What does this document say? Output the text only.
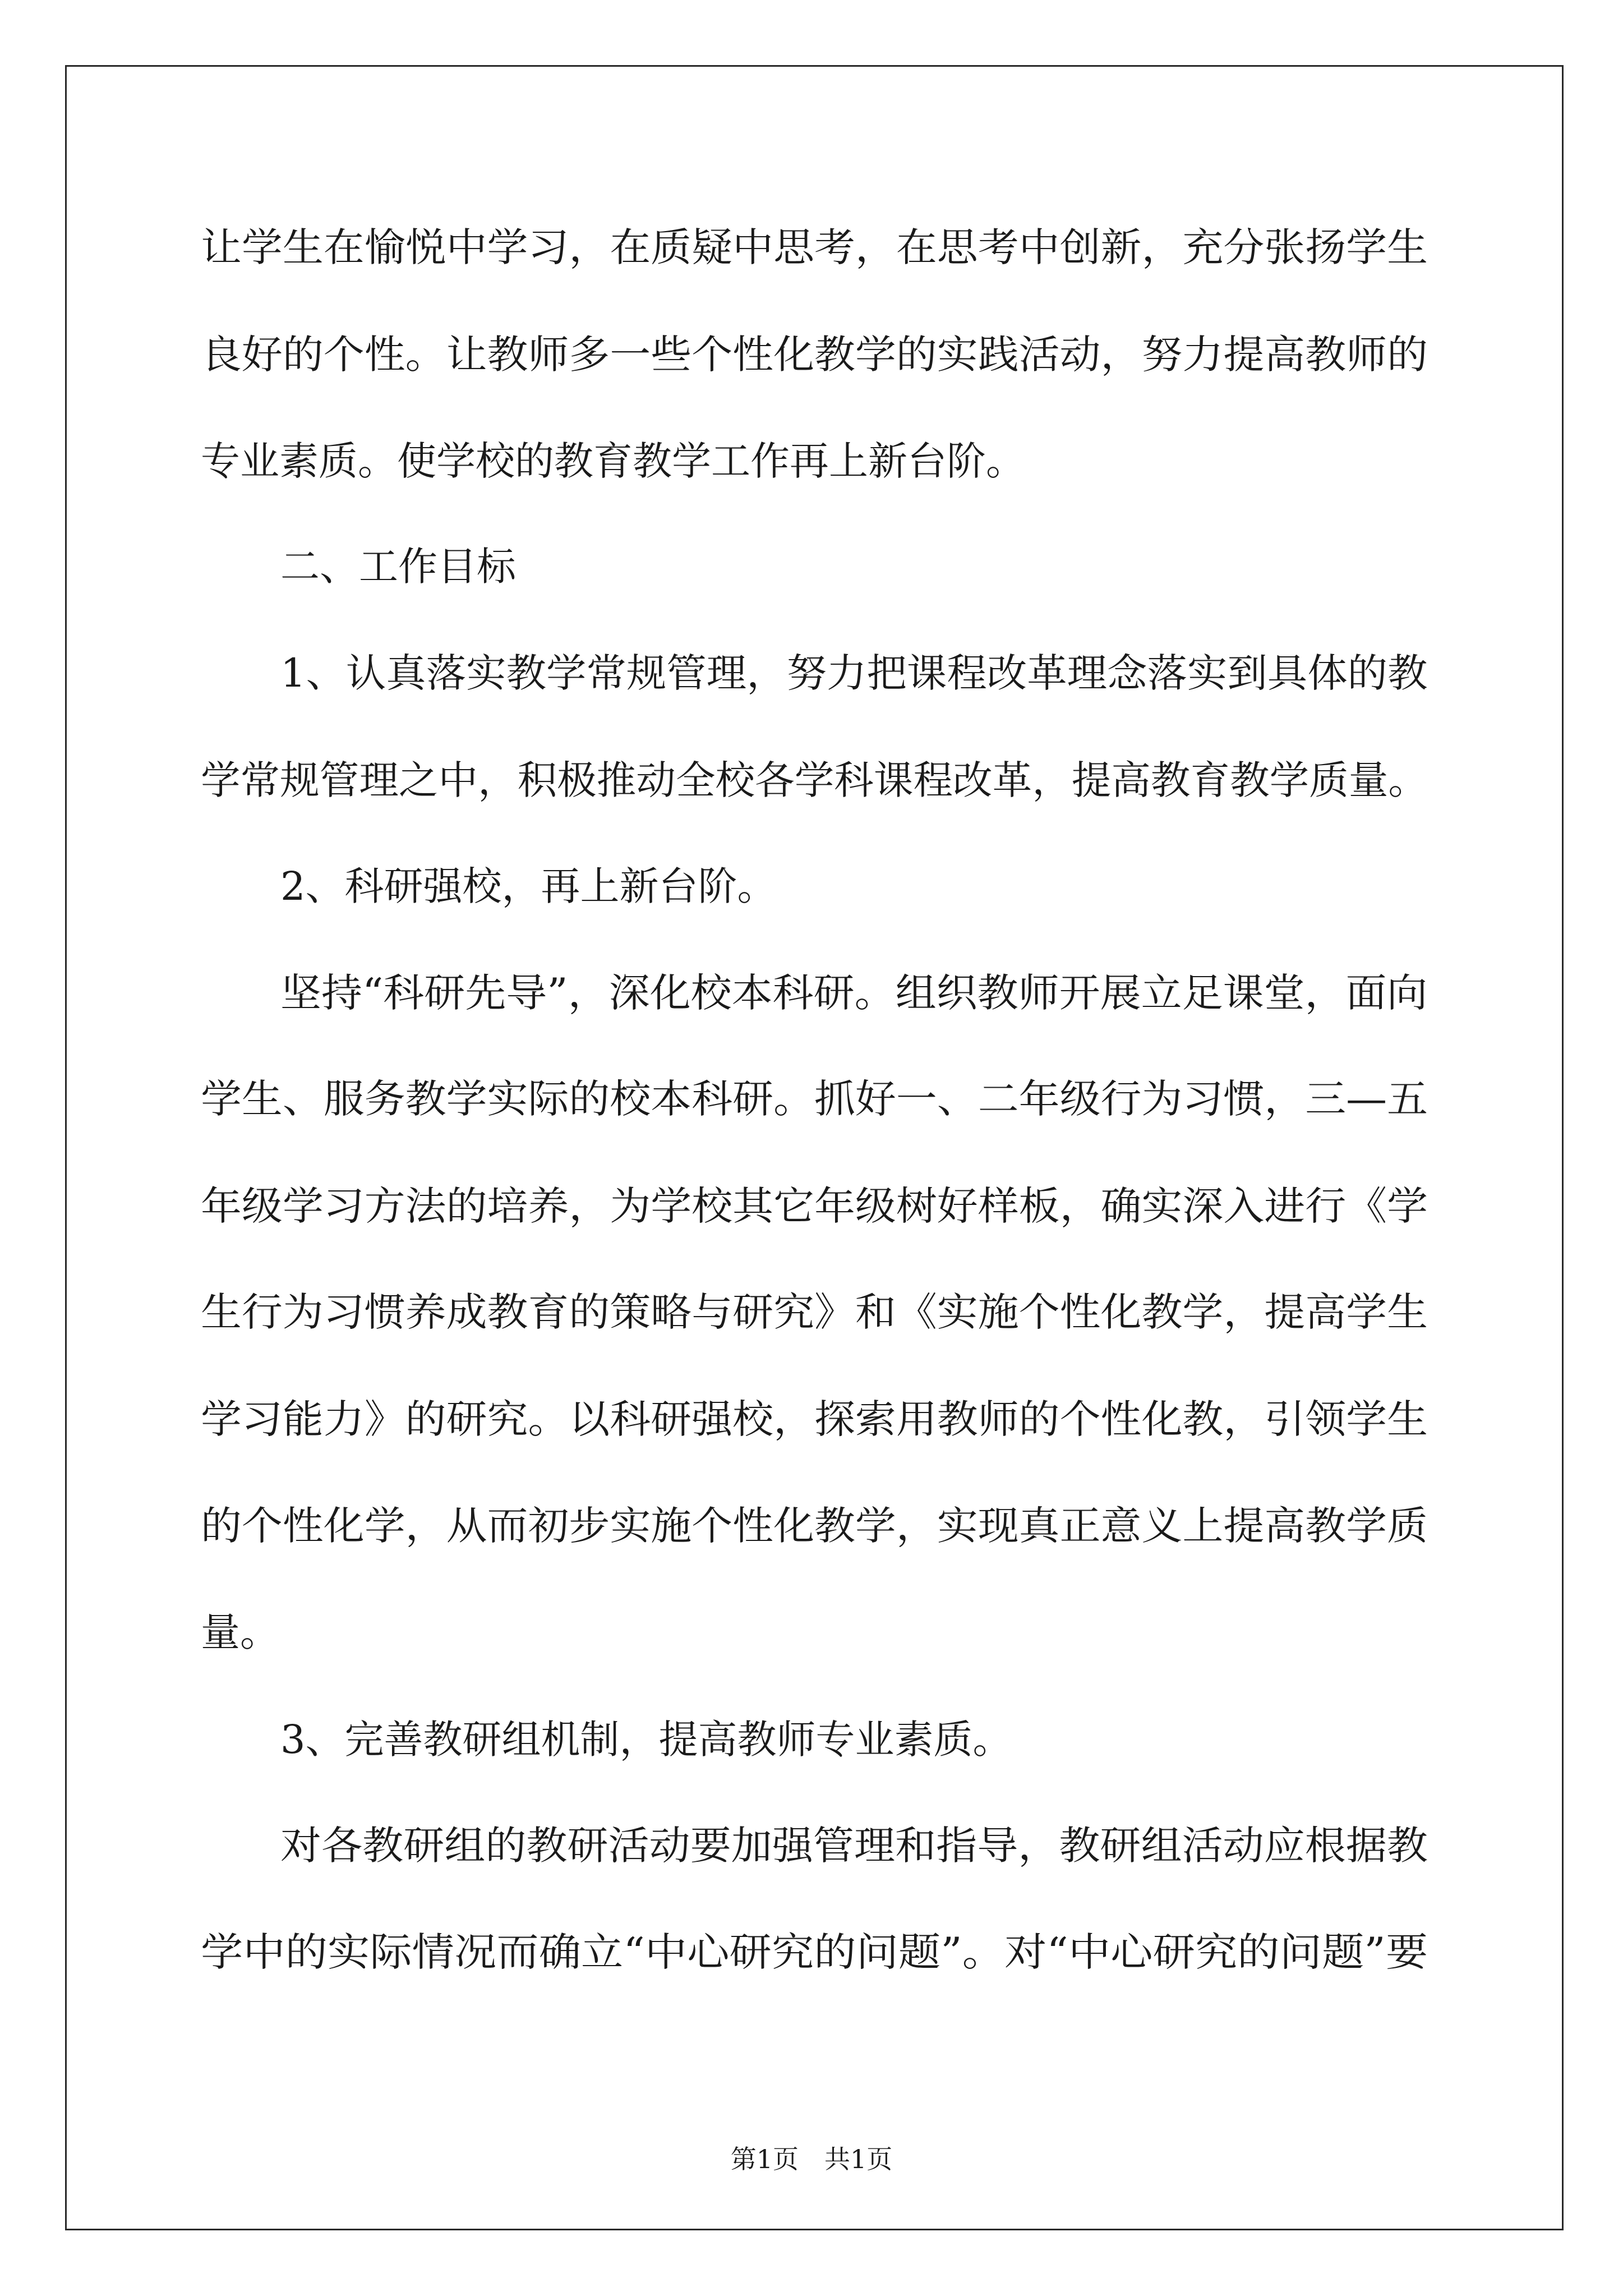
让学生在愉悦中学习，在质疑中思考，在思考中创新，充分张扬学生
良好的个性。让教师多一些个性化教学的实践活动，努力提高教师的
专业素质。使学校的教育教学工作再上新台阶。
二、工作目标
1、认真落实教学常规管理，努力把课程改革理念落实到具体的教
学常规管理之中，积极推动全校各学科课程改革，提高教育教学质量。
2、科研强校，再上新台阶。
坚持“科研先导”，深化校本科研。组织教师开展立足课堂，面向
学生、服务教学实际的校本科研。抓好一、二年级行为习惯，三—五
年级学习方法的培养，为学校其它年级树好样板，确实深入进行《学
生行为习惯养成教育的策略与研究》和《实施个性化教学，提高学生
学习能力》的研究。以科研强校，探索用教师的个性化教，引领学生
的个性化学，从而初步实施个性化教学，实现真正意义上提高教学质
量。
3、完善教研组机制，提高教师专业素质。
对各教研组的教研活动要加强管理和指导，教研组活动应根据教
学中的实际情况而确立“中心研究的问题”。对“中心研究的问题”要
第1页　共1页
